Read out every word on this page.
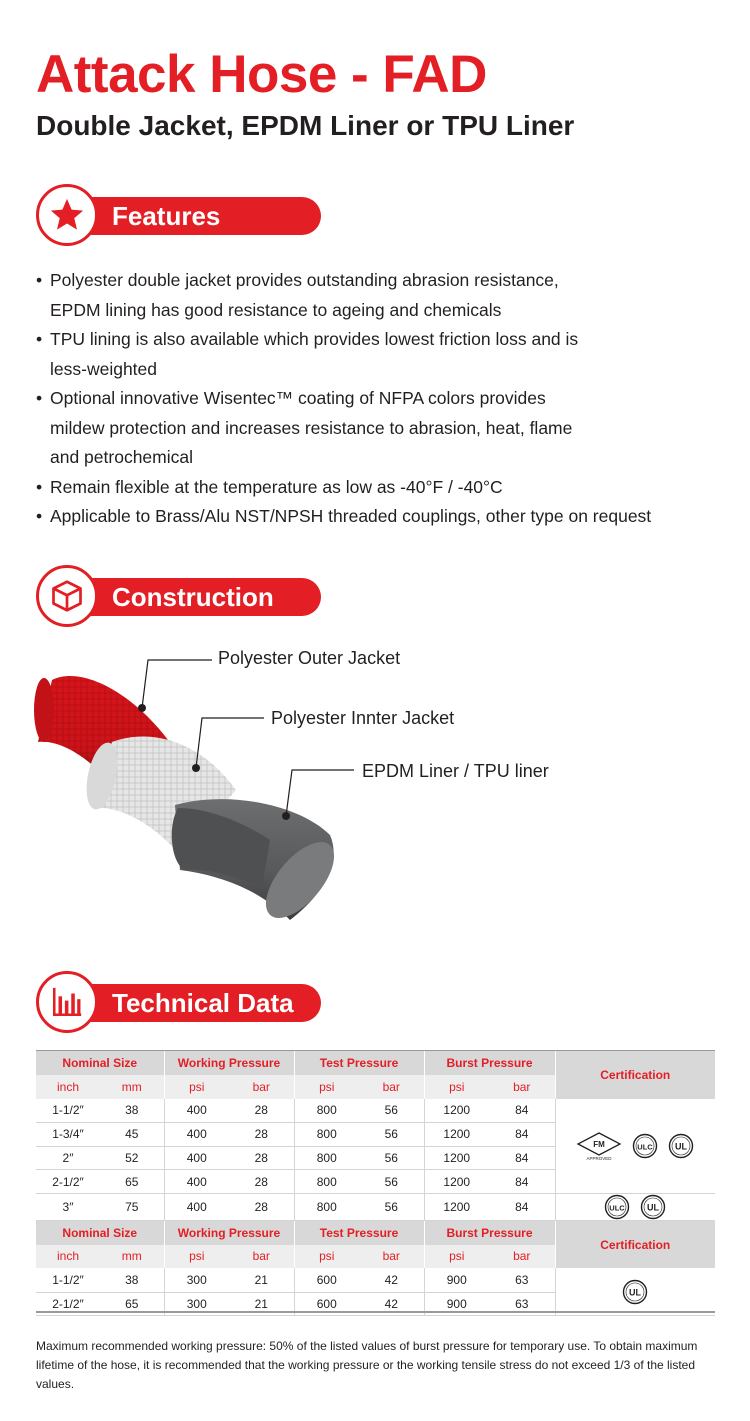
Attack Hose - FAD
Double Jacket, EPDM Liner or TPU Liner
Features
• Polyester double jacket provides outstanding abrasion resistance,
EPDM lining has good resistance to ageing and chemicals
• TPU lining is also available which provides lowest friction loss and is
less-weighted
• Optional innovative Wisentec™ coating of NFPA colors provides
mildew protection and increases resistance to abrasion, heat, flame
and petrochemical
• Remain flexible at the temperature as low as -40°F / -40°C
• Applicable to Brass/Alu NST/NPSH threaded couplings, other type on request
Construction
Polyester Outer Jacket
Polyester Innter Jacket
EPDM Liner / TPU liner
Technical Data
Nominal Size		Working Pressure		Test Pressure		Burst Pressure		Certification
inch	mm	psi	bar	psi	bar	psi	bar	
1-1/2″	38	400	28	800	56	1200	84	FM
APPROVED
ULC UL

1-3/4″	45	400	28	800	56	1200	84	
2″	52	400	28	800	56	1200	84	
2-1/2″	65	400	28	800	56	1200	84	
3″	75	400	28	800	56	1200	84	ULC UL

Nominal Size		Working Pressure		Test Pressure		Burst Pressure		Certification
inch	mm	psi	bar	psi	bar	psi	bar	
1-1/2″	38	300	21	600	42	900	63	UL

2-1/2″	65	300	21	600	42	900	63	
Maximum recommended working pressure: 50% of the listed values of burst pressure for temporary use. To obtain maximum lifetime of the hose, it is recommended that the working pressure or the working tensile stress do not exceed 1/3 of the listed values.
